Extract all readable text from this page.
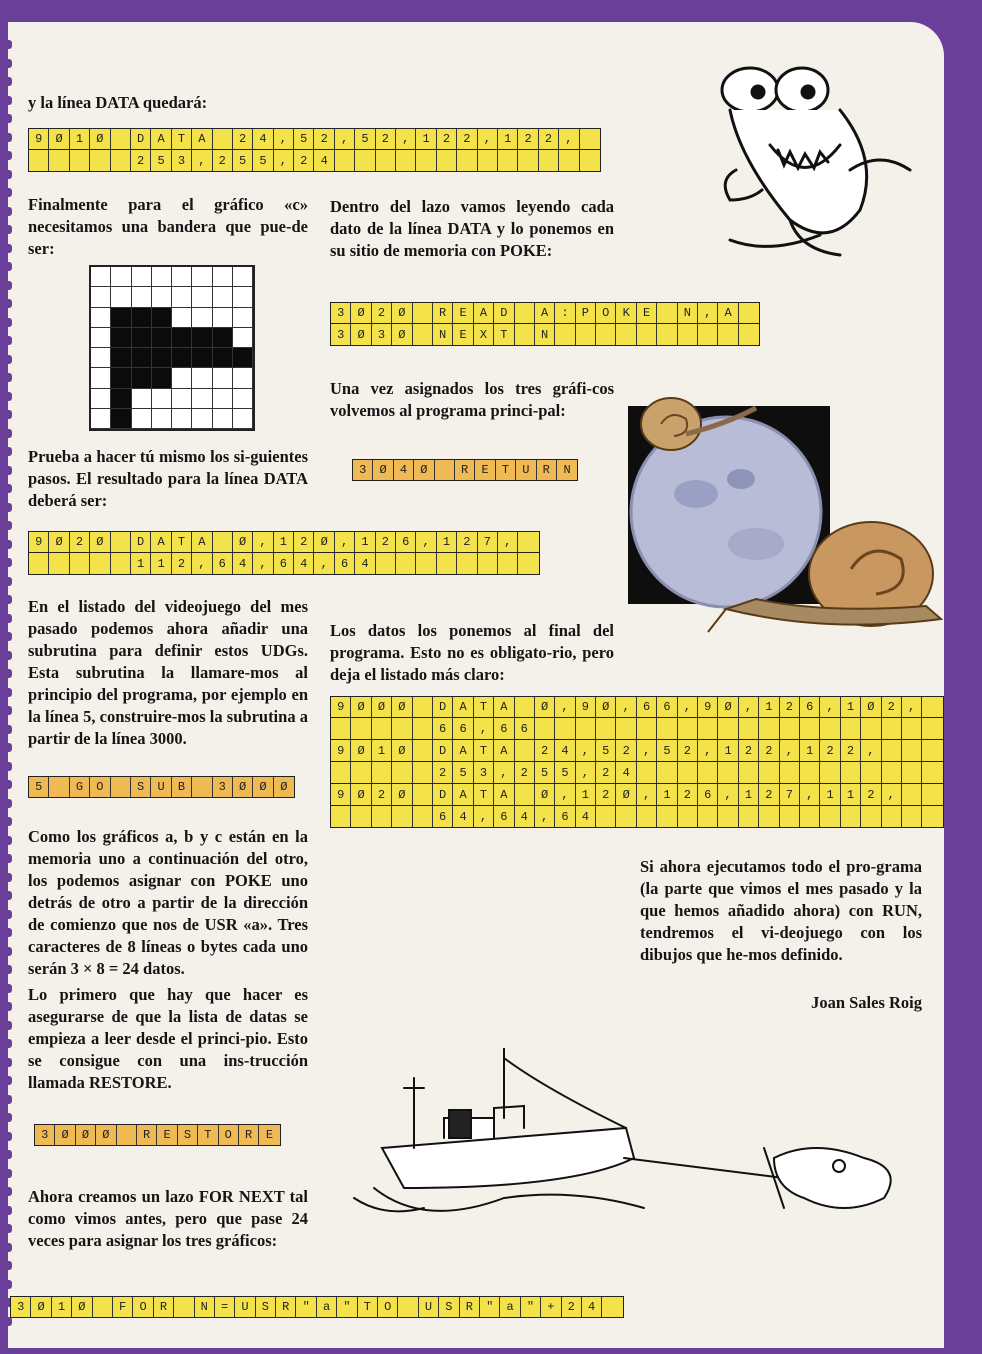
y la línea DATA quedará:

9	Ø	1	Ø	D	A	T	A	2	4	,	5	2	,	5	2	,	1	2	2	,	1	2	2	,
2	5	3	,	2	5	5	,	2	4

Finalmente para el gráfico «c» necesitamos una bandera que pue-de ser:

Prueba a hacer tú mismo los si-guientes pasos. El resultado para la línea DATA deberá ser:

9	Ø	2	Ø	D	A	T	A	Ø	,	1	2	Ø	,	1	2	6	,	1	2	7	,
1	1	2	,	6	4	,	6	4	,	6	4

En el listado del videojuego del mes pasado podemos ahora añadir una subrutina para definir estos UDGs. Esta subrutina la llamare-mos al principio del programa, por ejemplo en la línea 5, construire-mos la subrutina a partir de la línea 3000.

5	G	O	S	U	B	3	Ø	Ø	Ø

Como los gráficos a, b y c están en la memoria uno a continuación del otro, los podemos asignar con POKE uno detrás de otro a partir de la dirección de comienzo que nos de USR «a». Tres caracteres de 8 líneas o bytes cada uno serán 3 × 8 = 24 datos.

Lo primero que hay que hacer es asegurarse de que la lista de datas se empieza a leer desde el princi-pio. Esto se consigue con una ins-trucción llamada RESTORE.

3	Ø	Ø	Ø	R	E	S	T	O	R	E

Ahora creamos un lazo FOR NEXT tal como vimos antes, pero que pase 24 veces para asignar los tres gráficos:

3	Ø	1	Ø	F	O	R	N	=	U	S	R	"	a	"	T	O	U	S	R	"	a	"	+	2	4

Dentro del lazo vamos leyendo cada dato de la línea DATA y lo ponemos en su sitio de memoria con POKE:

3	Ø	2	Ø	R	E	A	D	A	:	P	O	K	E	N	,	A
3	Ø	3	Ø	N	E	X	T	N

Una vez asignados los tres gráfi-cos volvemos al programa princi-pal:

3	Ø	4	Ø	R	E	T	U	R	N

Los datos los ponemos al final del programa. Esto no es obligato-rio, pero deja el listado más claro:

9	Ø	Ø	Ø	D	A	T	A	Ø	,	9	Ø	,	6	6	,	9	Ø	,	1	2	6	,	1	Ø	2	,
6	6	,	6	6
9	Ø	1	Ø	D	A	T	A	2	4	,	5	2	,	5	2	,	1	2	2	,	1	2	2	,
2	5	3	,	2	5	5	,	2	4
9	Ø	2	Ø	D	A	T	A	Ø	,	1	2	Ø	,	1	2	6	,	1	2	7	,	1	1	2	,
6	4	,	6	4	,	6	4

Si ahora ejecutamos todo el pro-grama (la parte que vimos el mes pasado y la que hemos añadido ahora) con RUN, tendremos el vi-deojuego con los dibujos que he-mos definido.

Joan Sales Roig
